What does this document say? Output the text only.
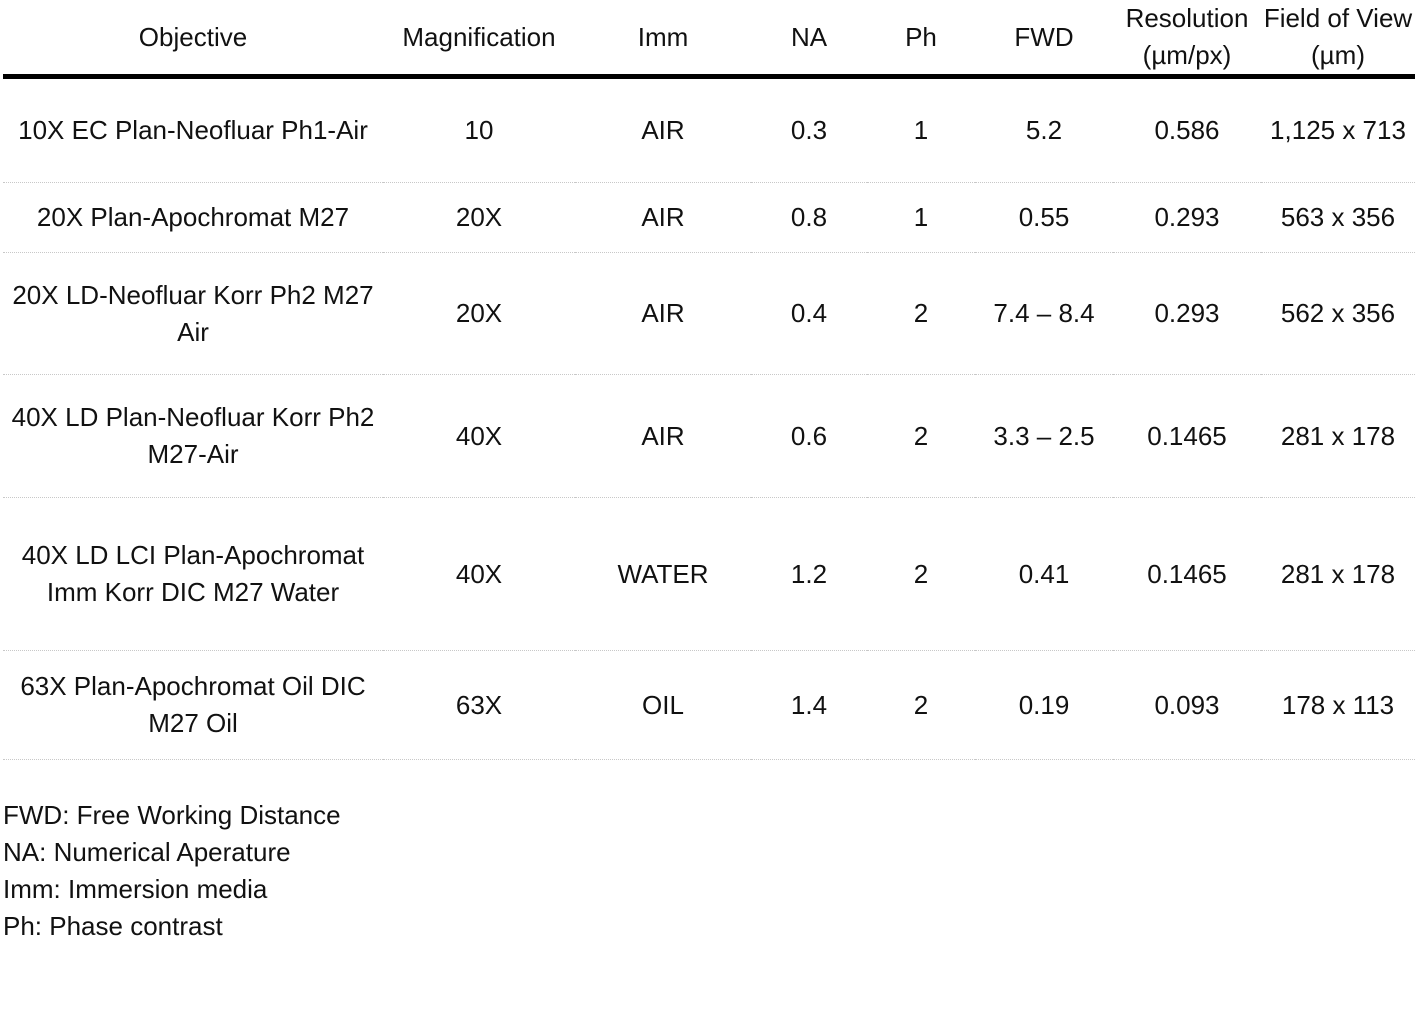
Objective	Magnification	Imm	NA	Ph	FWD	Resolution (µm/px)	Field of View (µm)
10X EC Plan-Neofluar Ph1-Air	10	AIR	0.3	1	5.2	0.586	1,125 x 713
20X Plan-Apochromat M27	20X	AIR	0.8	1	0.55	0.293	563 x 356
20X LD-Neofluar Korr Ph2 M27 Air	20X	AIR	0.4	2	7.4 – 8.4	0.293	562 x 356
40X LD Plan-Neofluar Korr Ph2 M27-Air	40X	AIR	0.6	2	3.3 – 2.5	0.1465	281 x 178
40X LD LCI Plan-Apochromat Imm Korr DIC M27 Water	40X	WATER	1.2	2	0.41	0.1465	281 x 178
63X Plan-Apochromat Oil DIC M27 Oil	63X	OIL	1.4	2	0.19	0.093	178 x 113
FWD: Free Working Distance
NA: Numerical Aperature
Imm: Immersion media
Ph: Phase contrast
